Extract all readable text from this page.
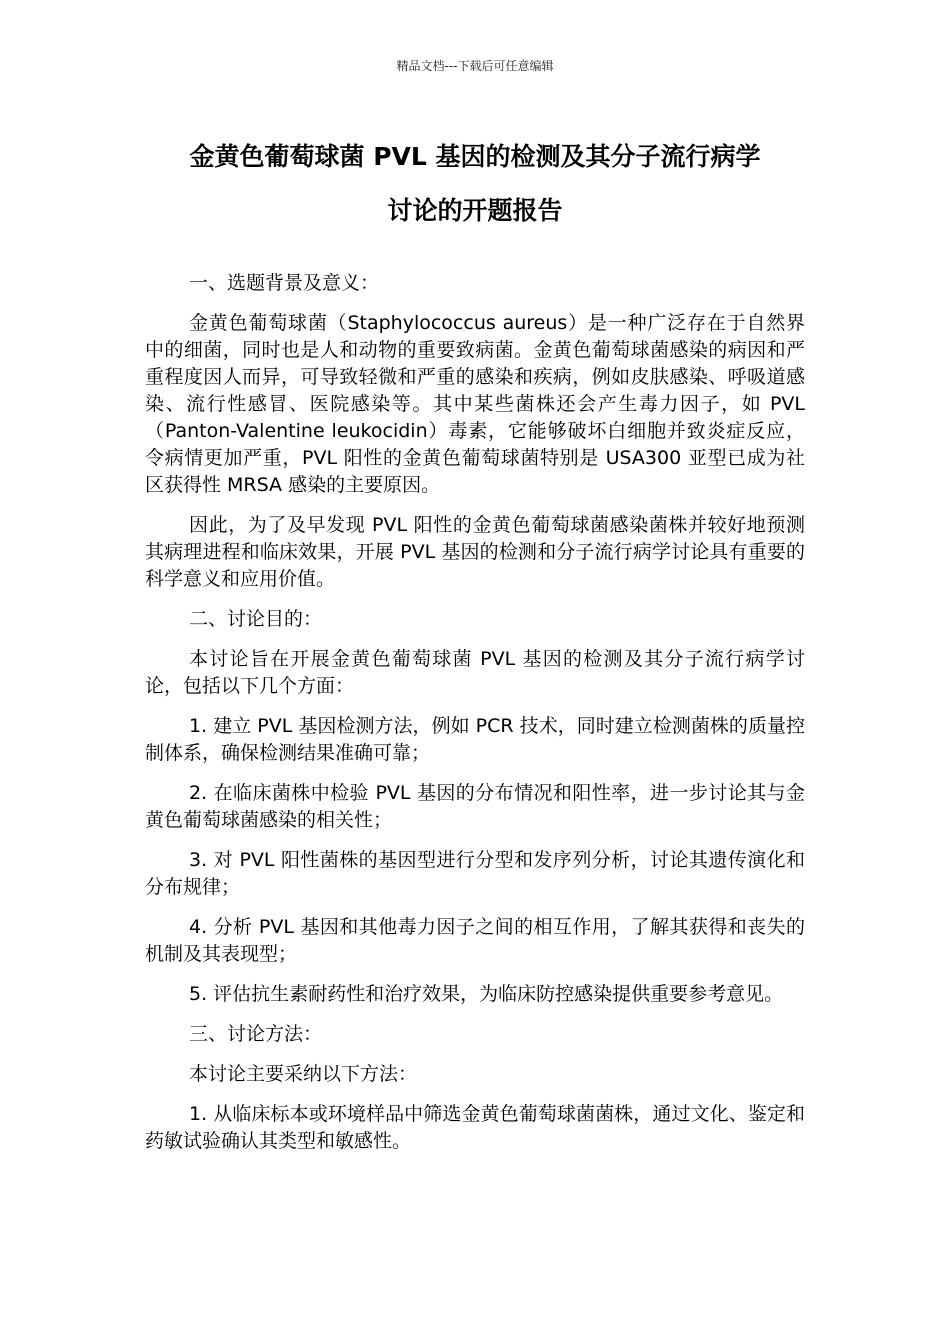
精品文档---下载后可任意编辑
金黄色葡萄球菌 PVL 基因的检测及其分子流行病学
讨论的开题报告

一、选题背景及意义：

金黄色葡萄球菌（Staphylococcus aureus）是一种广泛存在于自然界中的细菌，同时也是人和动物的重要致病菌。金黄色葡萄球菌感染的病因和严重程度因人而异，可导致轻微和严重的感染和疾病，例如皮肤感染、呼吸道感染、流行性感冒、医院感染等。其中某些菌株还会产生毒力因子，如 PVL（Panton-Valentine leukocidin）毒素，它能够破坏白细胞并致炎症反应，令病情更加严重，PVL 阳性的金黄色葡萄球菌特别是 USA300 亚型已成为社区获得性 MRSA 感染的主要原因。

因此，为了及早发现 PVL 阳性的金黄色葡萄球菌感染菌株并较好地预测其病理进程和临床效果，开展 PVL 基因的检测和分子流行病学讨论具有重要的科学意义和应用价值。

二、讨论目的：

本讨论旨在开展金黄色葡萄球菌 PVL 基因的检测及其分子流行病学讨论，包括以下几个方面：

1. 建立 PVL 基因检测方法，例如 PCR 技术，同时建立检测菌株的质量控制体系，确保检测结果准确可靠；

2. 在临床菌株中检验 PVL 基因的分布情况和阳性率，进一步讨论其与金黄色葡萄球菌感染的相关性；

3. 对 PVL 阳性菌株的基因型进行分型和发序列分析，讨论其遗传演化和分布规律；

4. 分析 PVL 基因和其他毒力因子之间的相互作用，了解其获得和丧失的机制及其表现型；

5. 评估抗生素耐药性和治疗效果，为临床防控感染提供重要参考意见。

三、讨论方法：

本讨论主要采纳以下方法：

1. 从临床标本或环境样品中筛选金黄色葡萄球菌菌株，通过文化、鉴定和药敏试验确认其类型和敏感性。
